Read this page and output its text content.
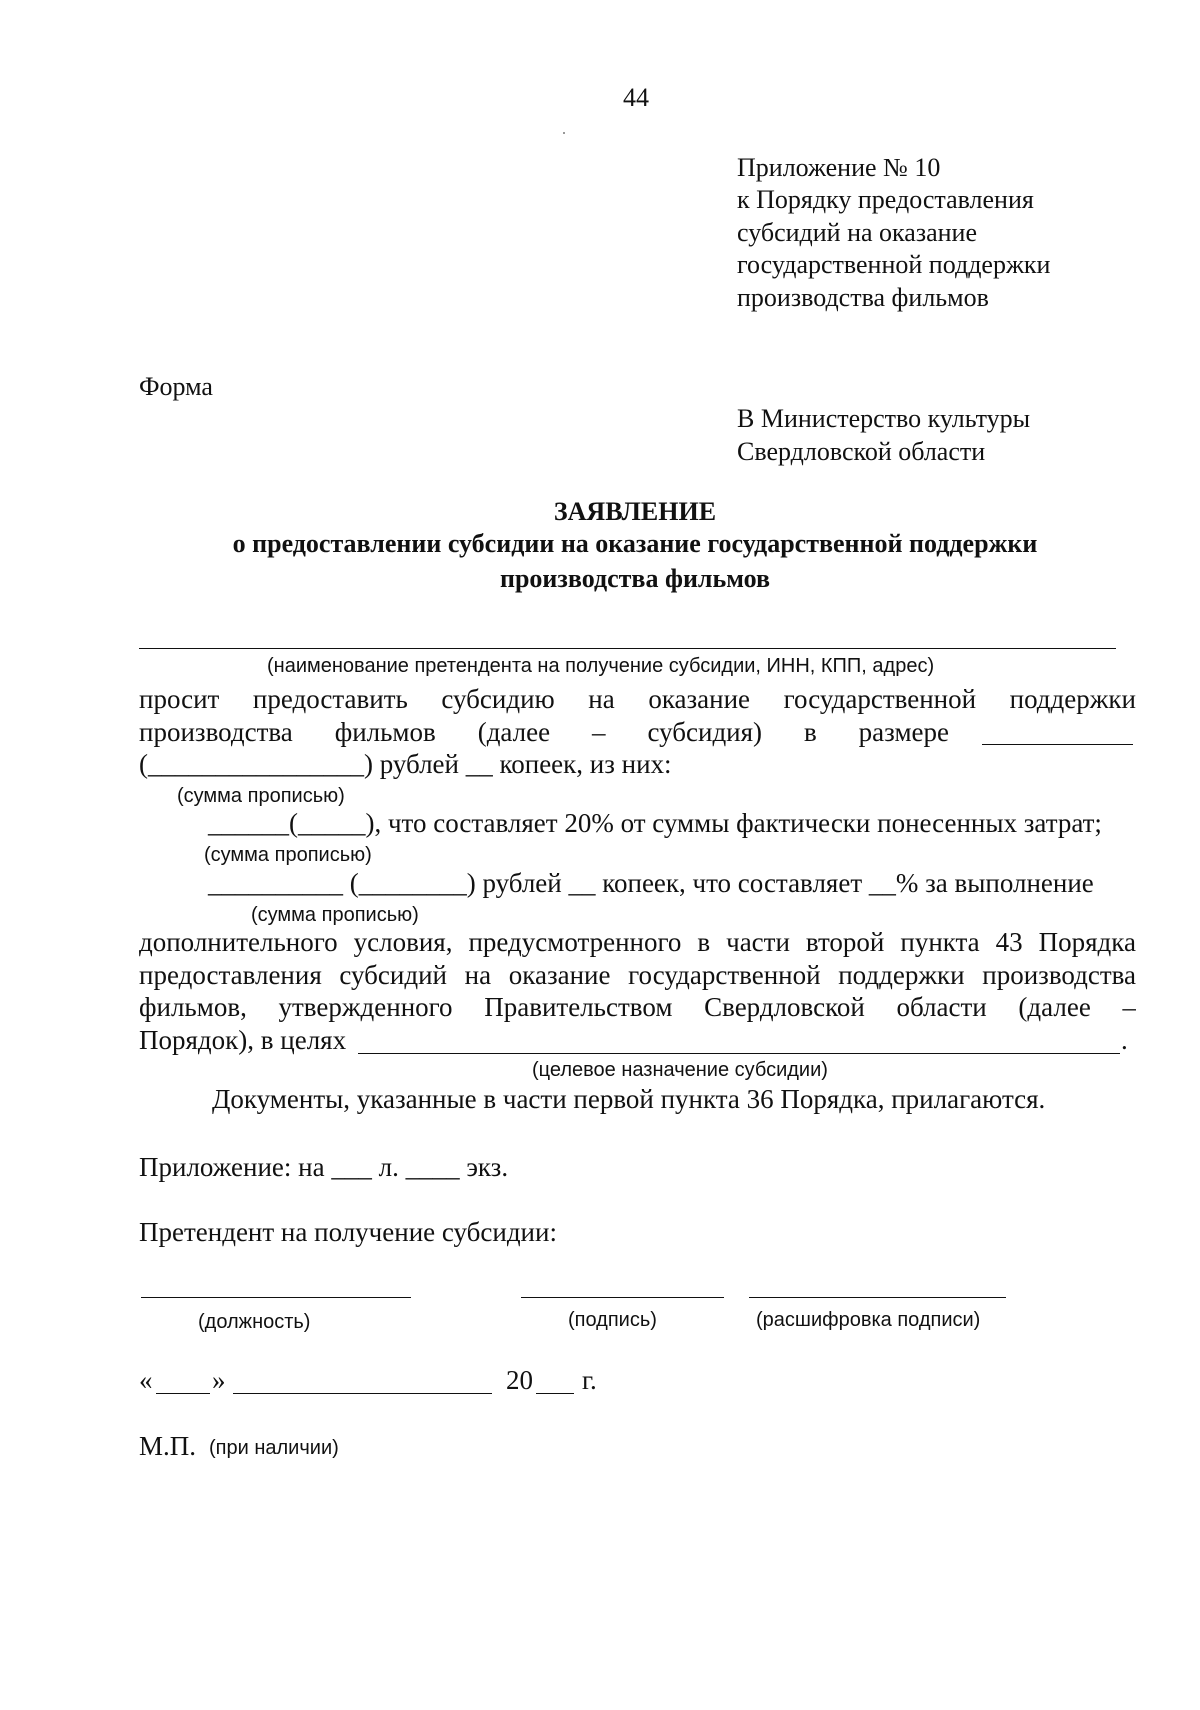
44
Приложение № 10
к Порядку предоставления
субсидий на оказание
государственной поддержки
производства фильмов
Форма
В Министерство культуры
Свердловской области
ЗАЯВЛЕНИЕ
о предоставлении субсидии на оказание государственной поддержки
производства фильмов
(наименование претендента на получение субсидии, ИНН, КПП, адрес)
просит предоставить субсидию на оказание государственной поддержки
производства фильмов (далее – субсидия) в размере
(________________) рублей __ копеек, из них:
(сумма прописью)
______(_____), что составляет 20% от суммы фактически понесенных затрат;
(сумма прописью)
__________ (________) рублей __ копеек, что составляет __% за выполнение
(сумма прописью)
дополнительного условия, предусмотренного в части второй пункта 43 Порядка
предоставления субсидий на оказание государственной поддержки производства
фильмов, утвержденного Правительством Свердловской области (далее –
Порядок), в целях	.
(целевое назначение субсидии)
Документы, указанные в части первой пункта 36 Порядка, прилагаются.
Приложение: на ___ л. ____ экз.
Претендент на получение субсидии:
(должность)	(подпись)	(расшифровка подписи)
« »	20 г.
М.П. (при наличии)
